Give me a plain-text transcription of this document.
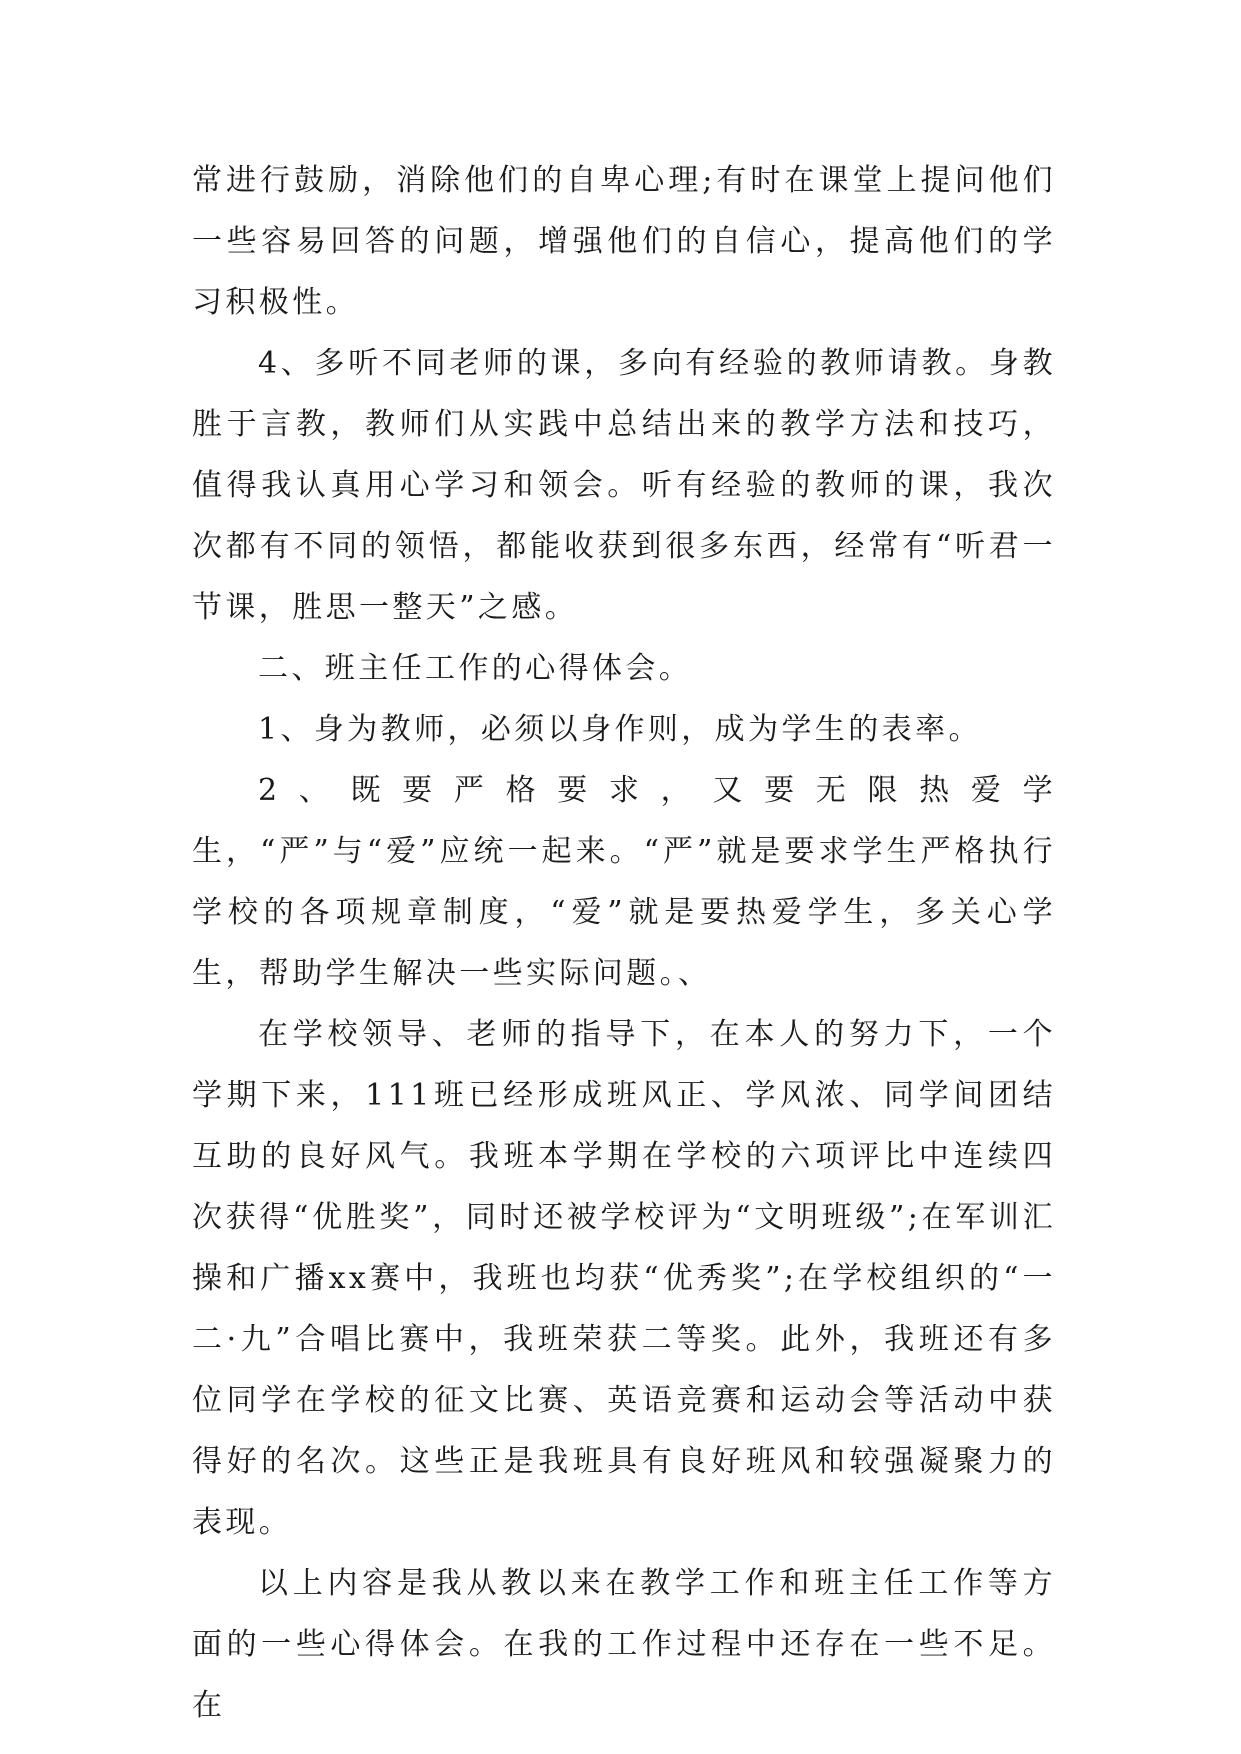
常进行鼓励，消除他们的自卑心理;有时在课堂上提问他们一些容易回答的问题，增强他们的自信心，提高他们的学习积极性。

4、多听不同老师的课，多向有经验的教师请教。身教胜于言教，教师们从实践中总结出来的教学方法和技巧，值得我认真用心学习和领会。听有经验的教师的课，我次次都有不同的领悟，都能收获到很多东西，经常有“听君一节课，胜思一整天”之感。

二、班主任工作的心得体会。

1、身为教师，必须以身作则，成为学生的表率。

2、既要严格要求，又要无限热爱学生，“严”与“爱”应统一起来。“严”就是要求学生严格执行学校的各项规章制度，“爱”就是要热爱学生，多关心学生，帮助学生解决一些实际问题。、

在学校领导、老师的指导下，在本人的努力下，一个学期下来，111班已经形成班风正、学风浓、同学间团结互助的良好风气。我班本学期在学校的六项评比中连续四次获得“优胜奖”，同时还被学校评为“文明班级”;在军训汇操和广播xx赛中，我班也均获“优秀奖”;在学校组织的“一二·九”合唱比赛中，我班荣获二等奖。此外，我班还有多位同学在学校的征文比赛、英语竞赛和运动会等活动中获得好的名次。这些正是我班具有良好班风和较强凝聚力的表现。

以上内容是我从教以来在教学工作和班主任工作等方面的一些心得体会。在我的工作过程中还存在一些不足。在
